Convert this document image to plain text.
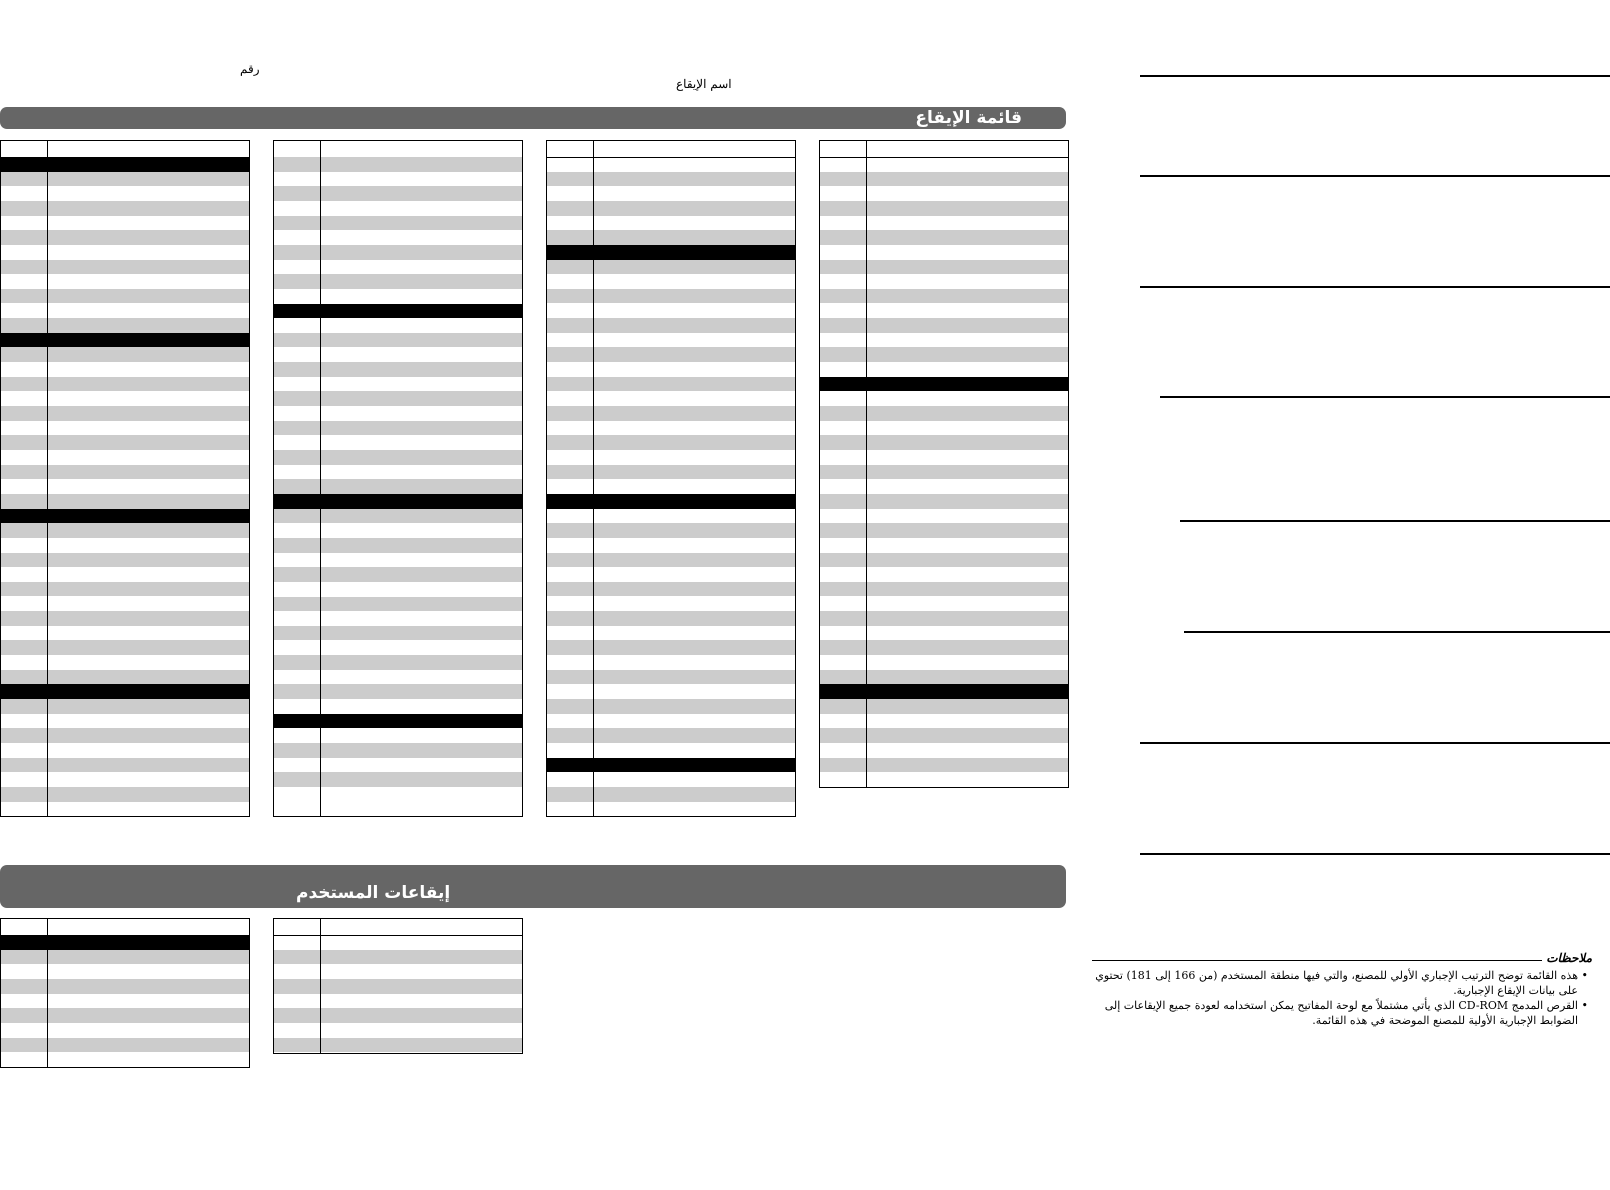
رقم
اسم الإيقاع
قائمة الإيقاع
إيقاعات المستخدم
ملاحظات
• هذه القائمة توضح الترتيب الإجباري الأولي للمصنع، والتي فيها منطقة المستخدم (من 166 إلى 181) تحتوي على بيانات الإيقاع الإجبارية.
• القرص المدمج CD-ROM الذي يأتي مشتملاً مع لوحة المفاتيح يمكن استخدامه لعودة جميع الإيقاعات إلى الضوابط الإجبارية الأولية للمصنع الموضحة في هذه القائمة.
